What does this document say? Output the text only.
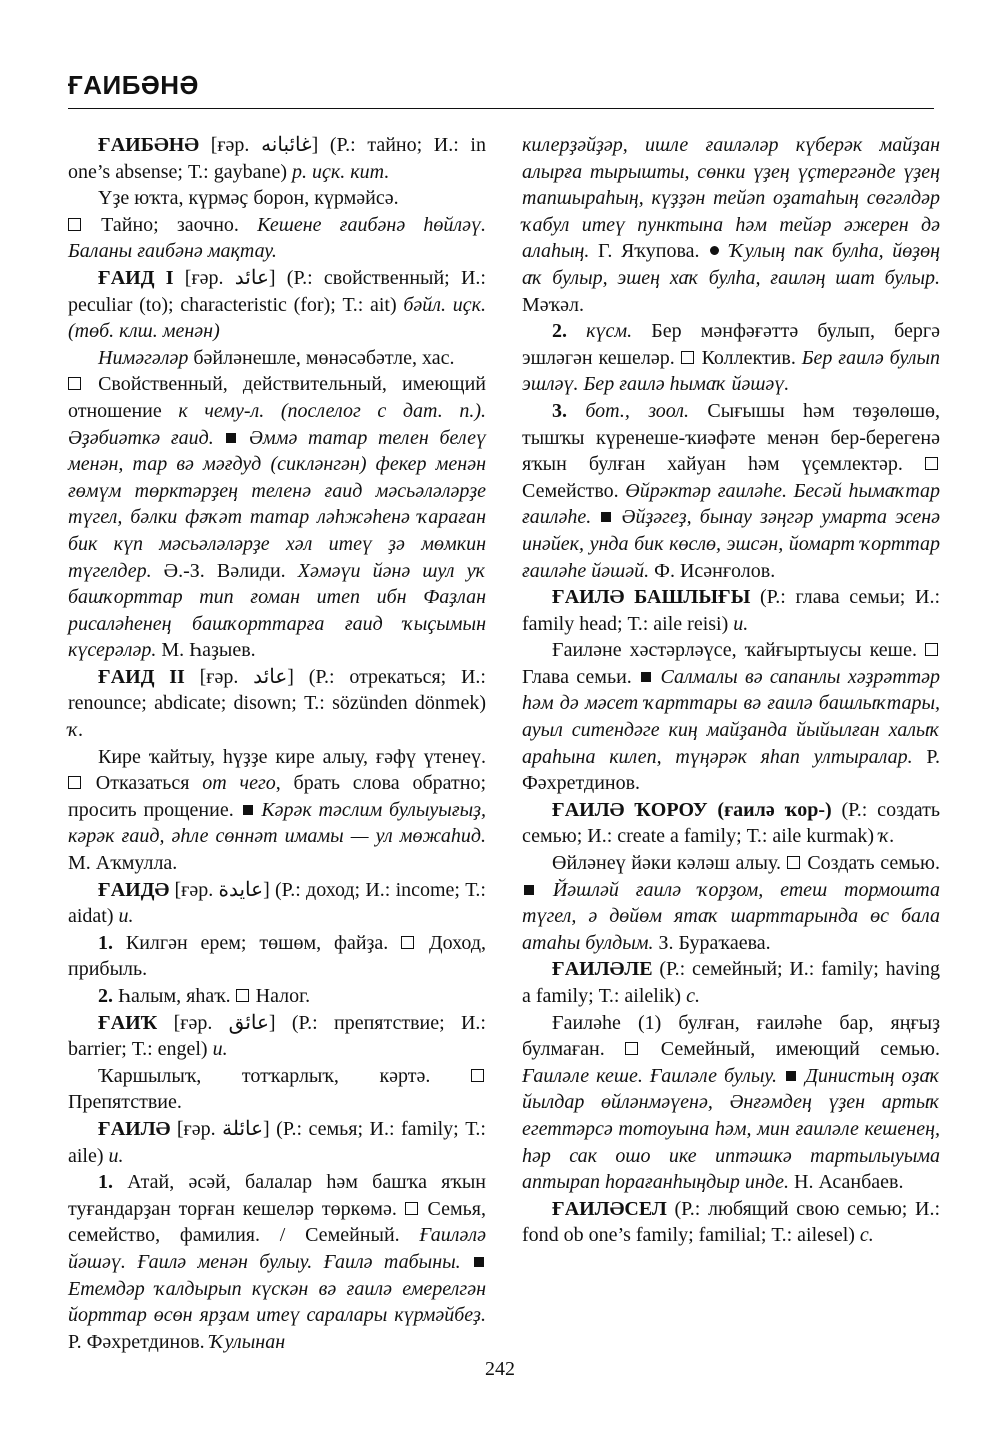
ҒАИБӘНӘ

ҒАИБӘНӘ [ғәр. غائبانه] (Р.: тайно; И.: in one’s absense; Т.: gaybane) р. иҫк. кит.

Үҙе юҡта, күрмәҫ борон, күрмәйсә.

Тайно; заочно. Кешене ғаибәнә һөйләү. Баланы ғаибәнә мақтау.

ҒАИД I [ғәр. عائد] (Р.: свойственный; И.: peculiar (to); characteristic (for); Т.: ait) бәйл. иҫк. (төб. клш. менән)

Нимәгәләр бәйләнешле, мөнәсәбәтле, хас.

Свойственный, действительный, имеющий отношение к чему-л. (послелог с дат. п.). Әҙәбиәткә ғаид.  Әммә татар телен белеү менән, тар вә мәғдуд (сикләнгән) фекер менән ғөмүм төрктәрҙең теленә ғаид мәсьәләләрҙе түгел, бәлки фәҡәт татар ләһжәһенә ҡараған бик күп мәсьәләләрҙе хәл итеү ҙә мөмкин түгелдер. Ә.-З. Вәлиди. Хәмәүи йәнә шул уҡ башҡорттар тип ғоман итеп ибн Фаҙлан рисаләһенең башҡорттарға ғаид ҡыҫымын күсерәләр. М. Һаҙыев.

ҒАИД II [ғәр. عائد] (Р.: отрекаться; И.: renounce; abdicate; disown; Т.: sözünden dönmek) ҡ.

Кире ҡайтыу, һүҙҙе кире алыу, ғәфү үтенеү.  Отказаться от чего, брать слова обратно; просить прощение.  Кәрәк тәслим булыуығыҙ, кәрәк ғаид, әһле сөннәт имамы — ул мөжаһид. М. Аҡмулла.

ҒАИДӘ [ғәр. عايدة] (Р.: доход; И.: income; Т.: aidat) и.

1. Килгән ерем; төшөм, файҙа.  Доход, прибыль.

2. Һалым, яһаҡ.  Налог.

ҒАИҠ [ғәр. عائق] (Р.: препятствие; И.: barrier; Т.: engel) и.

Ҡаршылыҡ, тотҡарлыҡ, кәртә.  Препятствие.

ҒАИЛӘ [ғәр. عائلة] (Р.: семья; И.: family; Т.: aile) и.

1. Атай, әсәй, балалар һәм башҡа яҡын туғандарҙан торған кешеләр төркөмә.  Семья, семейство, фамилия. / Семейный. Ғаиләлә йәшәү. Ғаилә менән булыу. Ғаилә табыны.  Етемдәр ҡалдырып күскән вә ғаилә емерелгән йорттар өсөн ярҙам итеү саралары күрмәйбеҙ. Р. Фәхретдинов. Ҡулынан

килерҙәйҙәр, ишле ғаиләләр күберәк майҙан алырға тырышты, сөнки үҙең үҫтергәнде үҙең тапшыраһың, күҙҙән тейәп оҙатаһың сөгәлдәр ҡабул итеү пунктына һәм тейәр әжерен дә алаһың. Г. Яҡупова.  Ҡулың пак булһа, йөҙөң аҡ булыр, эшең хаҡ булһа, ғаиләң шат булыр. Мәҡәл.

2. күсм. Бер мәнфәғәттә булып, бергә эшләгән кешеләр.  Коллектив. Бер ғаилә булып эшләү. Бер ғаилә һымаҡ йәшәү.

3. бот., зоол. Сығышы һәм төҙөлөшө, тышҡы күренеше-ҡиәфәте менән бер-берегенә яҡын булған хайуан һәм үҫемлектәр.  Семейство. Өйрәктәр ғаиләһе. Бесәй һымаҡтар ғаиләһе.  Әйҙәгеҙ, бынау зәңгәр умарта эсенә инәйек, унда бик көслө, эшсән, йомарт ҡорттар ғаиләһе йәшәй. Ф. Исәнғолов.

ҒАИЛӘ БАШЛЫҒЫ (Р.: глава семьи; И.: family head; Т.: aile reisi) и.

Ғаиләне хәстәрләүсе, ҡайғыртыусы кеше.  Глава семьи.  Салмалы вә сапанлы хәҙрәттәр һәм дә мәсет ҡарттары вә ғаилә башлыҡтары, ауыл ситендәге киң майҙанда йыйылған халыҡ араһына килеп, түңәрәк яһап ултыралар. Р. Фәхретдинов.

ҒАИЛӘ ҠОРОУ (ғаилә ҡор-) (Р.: создать семью; И.: create a family; Т.: aile kurmak) ҡ.

Өйләнеү йәки кәләш алыу.  Создать семью.  Йәшләй ғаилә ҡорҙом, етеш тормошта түгел, ә дөйөм ятаҡ шарттарында өс бала атаһы булдым. З. Бураҡаева.

ҒАИЛӘЛЕ (Р.: семейный; И.: family; having a family; Т.: ailelik) с.

Ғаиләһе (1) булған, ғаиләһе бар, яңғыҙ булмаған.  Семейный, имеющий семью. Ғаиләле кеше. Ғаиләле булыу.  Динистың оҙаҡ йылдар өйләнмәүенә, Әнғәмдең үҙен артыҡ егеттәрсә тотоуына һәм, мин ғаиләле кешенең, һәр сак ошо ике иптәшкә тартылыуыма аптырап һорағанһыңдыр инде. Н. Асанбаев.

ҒАИЛӘСЕЛ (Р.: любящий свою семью; И.: fond ob one’s family; familial; Т.: ailesel) с.

242
